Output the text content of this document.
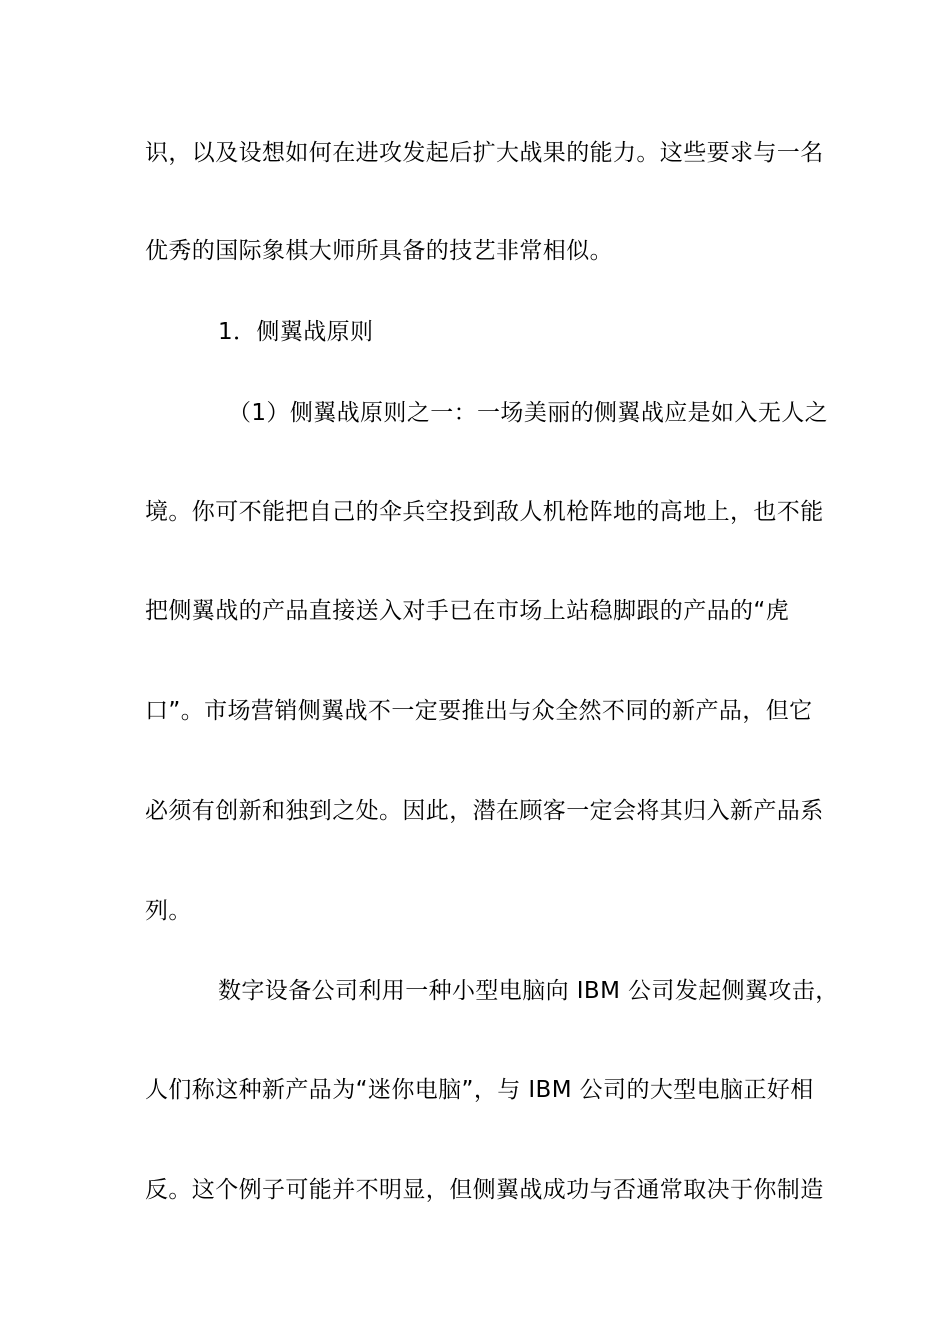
识，以及设想如何在进攻发起后扩大战果的能力。这些要求与一名
优秀的国际象棋大师所具备的技艺非常相似。
1．侧翼战原则
（1）侧翼战原则之一：一场美丽的侧翼战应是如入无人之
境。你可不能把自己的伞兵空投到敌人机枪阵地的高地上，也不能
把侧翼战的产品直接送入对手已在市场上站稳脚跟的产品的“虎
口”。市场营销侧翼战不一定要推出与众全然不同的新产品，但它
必须有创新和独到之处。因此，潜在顾客一定会将其归入新产品系
列。
数字设备公司利用一种小型电脑向 IBM 公司发起侧翼攻击，
人们称这种新产品为“迷你电脑”，与 IBM 公司的大型电脑正好相
反。这个例子可能并不明显，但侧翼战成功与否通常取决于你制造
